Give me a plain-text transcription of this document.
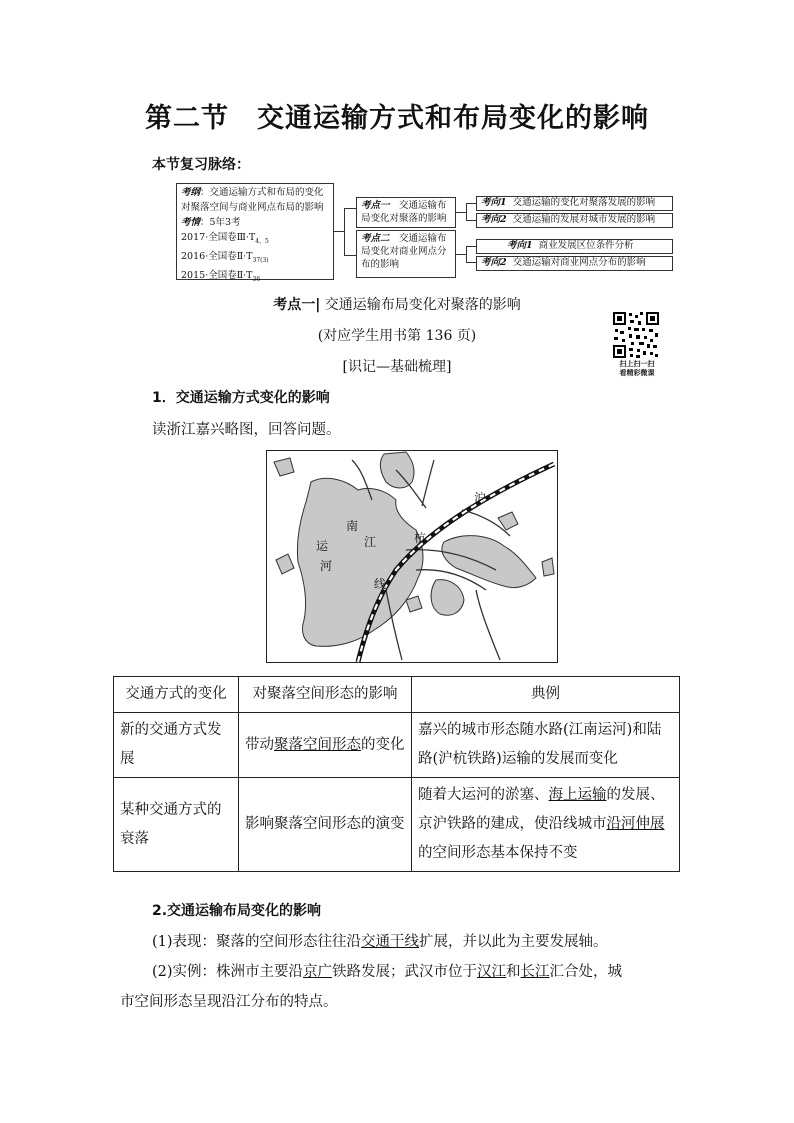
第二节　交通运输方式和布局变化的影响
本节复习脉络：
考纲：交通运输方式和布局的变化对聚落空间与商业网点布局的影响
考情：5年3考
2017·全国卷$Ⅲ\cdot T_{4、5}$
2016·全国卷$Ⅱ\cdot T_{37(3)}$
2015·全国卷$Ⅱ\cdot T_{36}$
考点一　交通运输布局变化对聚落的影响
考点二　交通运输布局变化对商业网点分布的影响
考向1 交通运输的变化对聚落发展的影响
考向2 交通运输的发展对城市发展的影响
考向1 商业发展区位条件分析
考向2 交通运输对商业网点分布的影响
考点一| 交通运输布局变化对聚落的影响
(对应学生用书第 136 页)
[识记—基础梳理]	扫上扫一扫
看精彩微课
1．交通运输方式变化的影响
读浙江嘉兴略图，回答问题。
沪
南
江
运
河
杭
线
交通方式的变化	对聚落空间形态的影响	典例
新的交通方式发展	带动聚落空间形态的变化	嘉兴的城市形态随水路(江南运河)和陆路(沪杭铁路)运输的发展而变化
某种交通方式的衰落	影响聚落空间形态的演变	随着大运河的淤塞、海上运输的发展、京沪铁路的建成，使沿线城市沿河伸展的空间形态基本保持不变
2.交通运输布局变化的影响
(1)表现：聚落的空间形态往往沿交通干线扩展，并以此为主要发展轴。
(2)实例：株洲市主要沿京广铁路发展；武汉市位于汉江和长江汇合处，城
市空间形态呈现沿江分布的特点。
